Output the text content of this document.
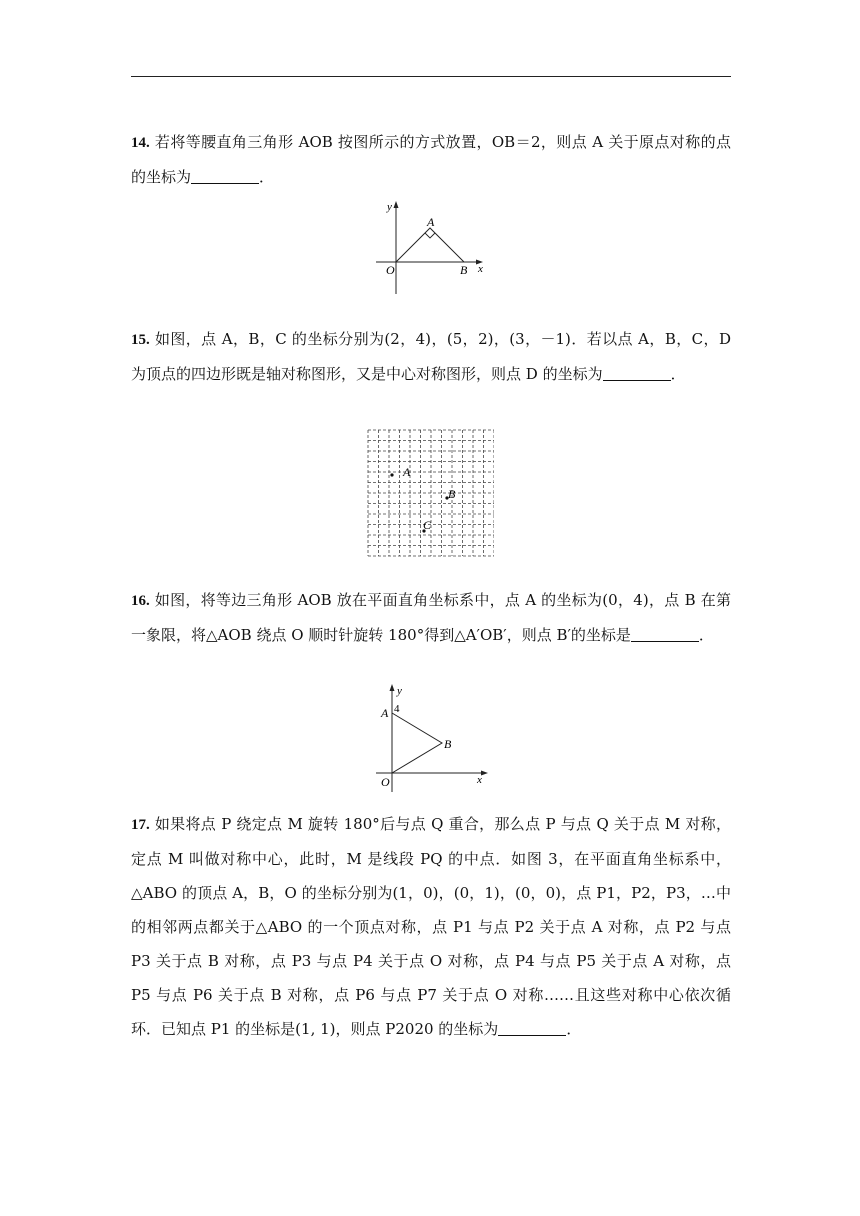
14. 若将等腰直角三角形 AOB 按图所示的方式放置，OB＝2，则点 A 关于原点对称的点的坐标为	．
y
O
A
B x
15. 如图，点 A，B，C 的坐标分别为(2，4)，(5，2)，(3，－1)．若以点 A，B，C，D 为顶点的四边形既是轴对称图形，又是中心对称图形，则点 D 的坐标为	．
A
B
C
16. 如图，将等边三角形 AOB 放在平面直角坐标系中，点 A 的坐标为(0，4)，点 B 在第一象限，将△AOB 绕点 O 顺时针旋转 180°得到△A′OB′，则点 B′的坐标是	．
y
A 4
B
O	x
17. 如果将点 P 绕定点 M 旋转 180°后与点 Q 重合，那么点 P 与点 Q 关于点 M 对称，定点 M 叫做对称中心，此时，M 是线段 PQ 的中点．如图 3，在平面直角坐标系中，△ABO 的顶点 A，B，O 的坐标分别为(1，0)，(0，1)，(0，0)，点 P1，P2，P3，…中的相邻两点都关于△ABO 的一个顶点对称，点 P1 与点 P2 关于点 A 对称，点 P2 与点 P3 关于点 B 对称，点 P3 与点 P4 关于点 O 对称，点 P4 与点 P5 关于点 A 对称，点 P5 与点 P6 关于点 B 对称，点 P6 与点 P7 关于点 O 对称……且这些对称中心依次循环．已知点 P1 的坐标是(1, 1)，则点 P2020 的坐标为	．
